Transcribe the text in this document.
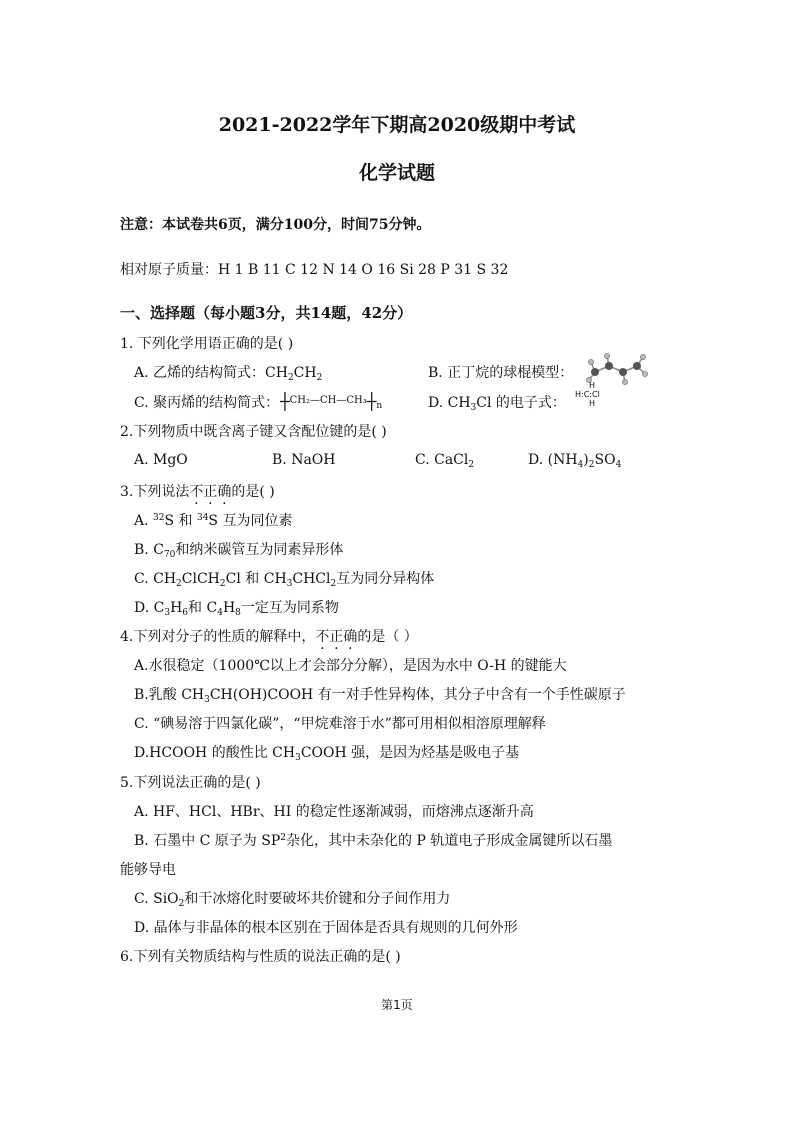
2021-2022学年下期高2020级期中考试
化学试题
注意：本试卷共6页，满分100分，时间75分钟。
相对原子质量：H 1 B 11 C 12 N 14 O 16 Si 28 P 31 S 32
一、选择题（每小题3分，共14题，42分）
1. 下列化学用语正确的是( )
A. 乙烯的结构简式：$CH_2CH_2$	B. 正丁烷的球棍模型：
C. 聚丙烯的结构简式： $┼CH_2—CH—CH_3┼_n$	D. $CH_3Cl$ 的电子式：
H
H:C:Cl
H
2.下列物质中既含离子键又含配位键的是( )
A. MgO	B. NaOH	C. CaCl$_2$	D. $(NH_4)_2SO_4$
3.下列说法不正确的是( )
A. $^{32}$S 和 $^{34}$S 互为同位素
B. $C_{70}$和纳米碳管互为同素异形体
C. $CH_2ClCH_2Cl$ 和 $CH_3CHCl_2$互为同分异构体
D. $C_3H_6$和 $C_4H_8$一定互为同系物
4.下列对分子的性质的解释中，不正确的是（ ）
A.水很稳定（1000℃以上才会部分分解），是因为水中 O-H 的键能大
B.乳酸 $CH_3CH(OH)COOH$ 有一对手性异构体，其分子中含有一个手性碳原子
C. “碘易溶于四氯化碳”，“甲烷难溶于水”都可用相似相溶原理解释
D.HCOOH 的酸性比 $CH_3COOH$ 强，是因为烃基是吸电子基
5.下列说法正确的是( )
A. HF、HCl、HBr、HI 的稳定性逐渐减弱，而熔沸点逐渐升高
B. 石墨中 C 原子为 $SP^2$杂化，其中未杂化的 P 轨道电子形成金属键所以石墨
能够导电
C. SiO$_2$和干冰熔化时要破坏共价键和分子间作用力
D. 晶体与非晶体的根本区别在于固体是否具有规则的几何外形
6.下列有关物质结构与性质的说法正确的是( )
第1页
